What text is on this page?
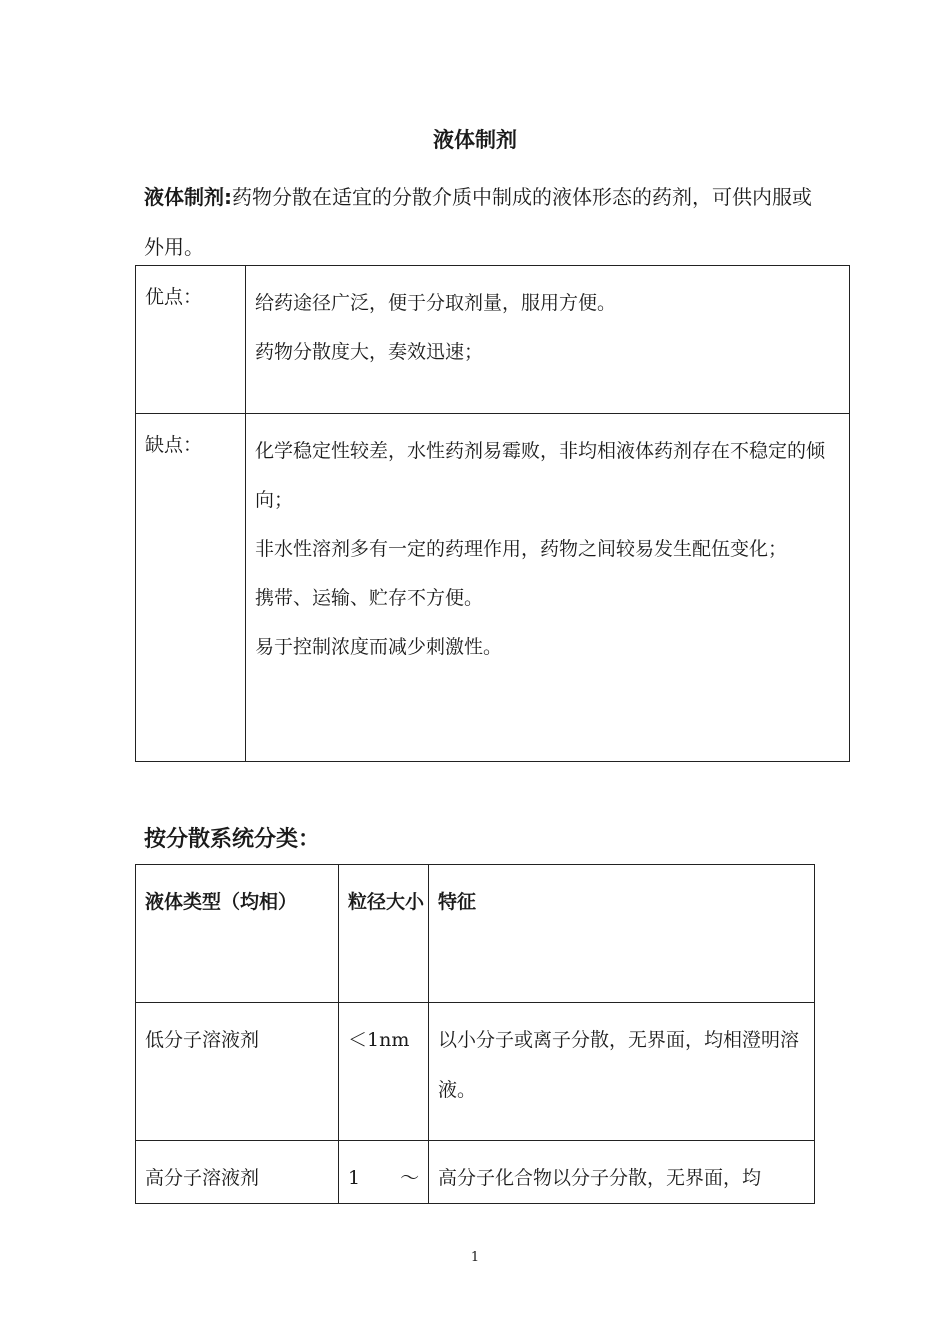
液体制剂
液体制剂:药物分散在适宜的分散介质中制成的液体形态的药剂，可供内服或外用。
优点：	给药途径广泛，便于分取剂量，服用方便。
药物分散度大，奏效迅速；

缺点：	化学稳定性较差，水性药剂易霉败，非均相液体药剂存在不稳定的倾向；
非水性溶剂多有一定的药理作用，药物之间较易发生配伍变化；
携带、运输、贮存不方便。
易于控制浓度而减少刺激性。
按分散系统分类：
液体类型（均相）	粒径大小	特征
低分子溶液剂	＜1nm	以小分子或离子分散，无界面，均相澄明溶液。
高分子溶液剂	1 ～	高分子化合物以分子分散，无界面，均
1
